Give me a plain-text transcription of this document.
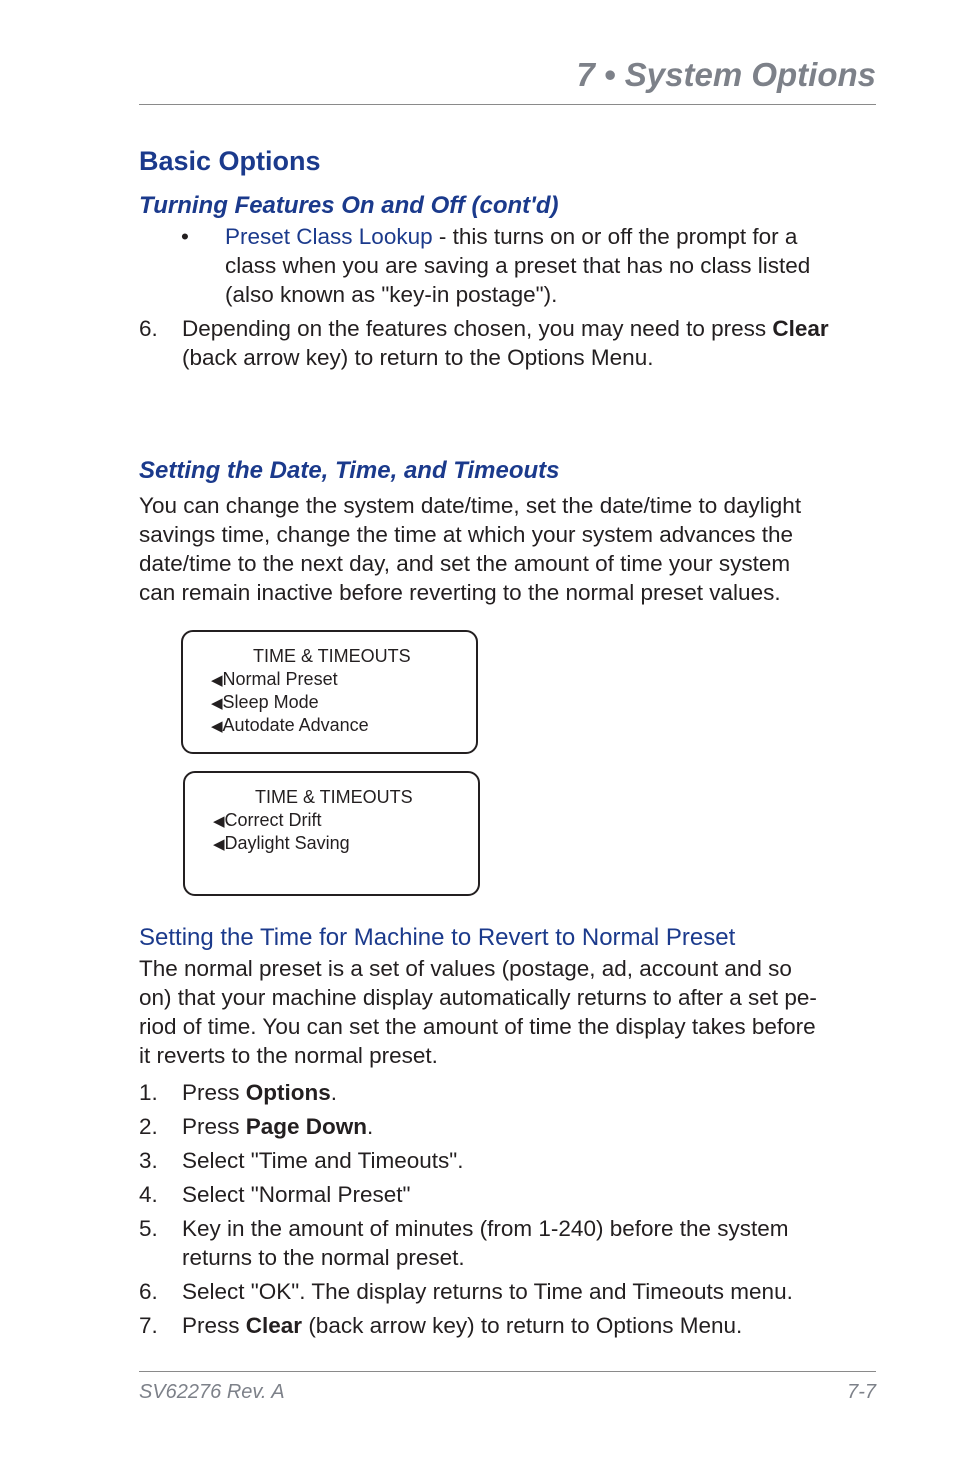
7 • System Options
Basic Options
Turning Features On and Off (cont'd)
• Preset Class Lookup - this turns on or off the prompt for a
class when you are saving a preset that has no class listed
(also known as "key-in postage").
6. Depending on the features chosen, you may need to press Clear
(back arrow key) to return to the Options Menu.
Setting the Date, Time, and Timeouts
You can change the system date/time, set the date/time to daylight
savings time, change the time at which your system advances the
date/time to the next day, and set the amount of time your system
can remain inactive before reverting to the normal preset values.
TIME & TIMEOUTS
◀Normal Preset
◀Sleep Mode
◀Autodate Advance
TIME & TIMEOUTS
◀Correct Drift
◀Daylight Saving
Setting the Time for Machine to Revert to Normal Preset
The normal preset is a set of values (postage, ad, account and so
on) that your machine display automatically returns to after a set pe-
riod of time. You can set the amount of time the display takes before
it reverts to the normal preset.
1. Press Options.
2. Press Page Down.
3. Select "Time and Timeouts".
4. Select "Normal Preset"
5. Key in the amount of minutes (from 1-240) before the system
returns to the normal preset.
6. Select "OK". The display returns to Time and Timeouts menu.
7. Press Clear (back arrow key) to return to Options Menu.
SV62276 Rev. A	7-7
